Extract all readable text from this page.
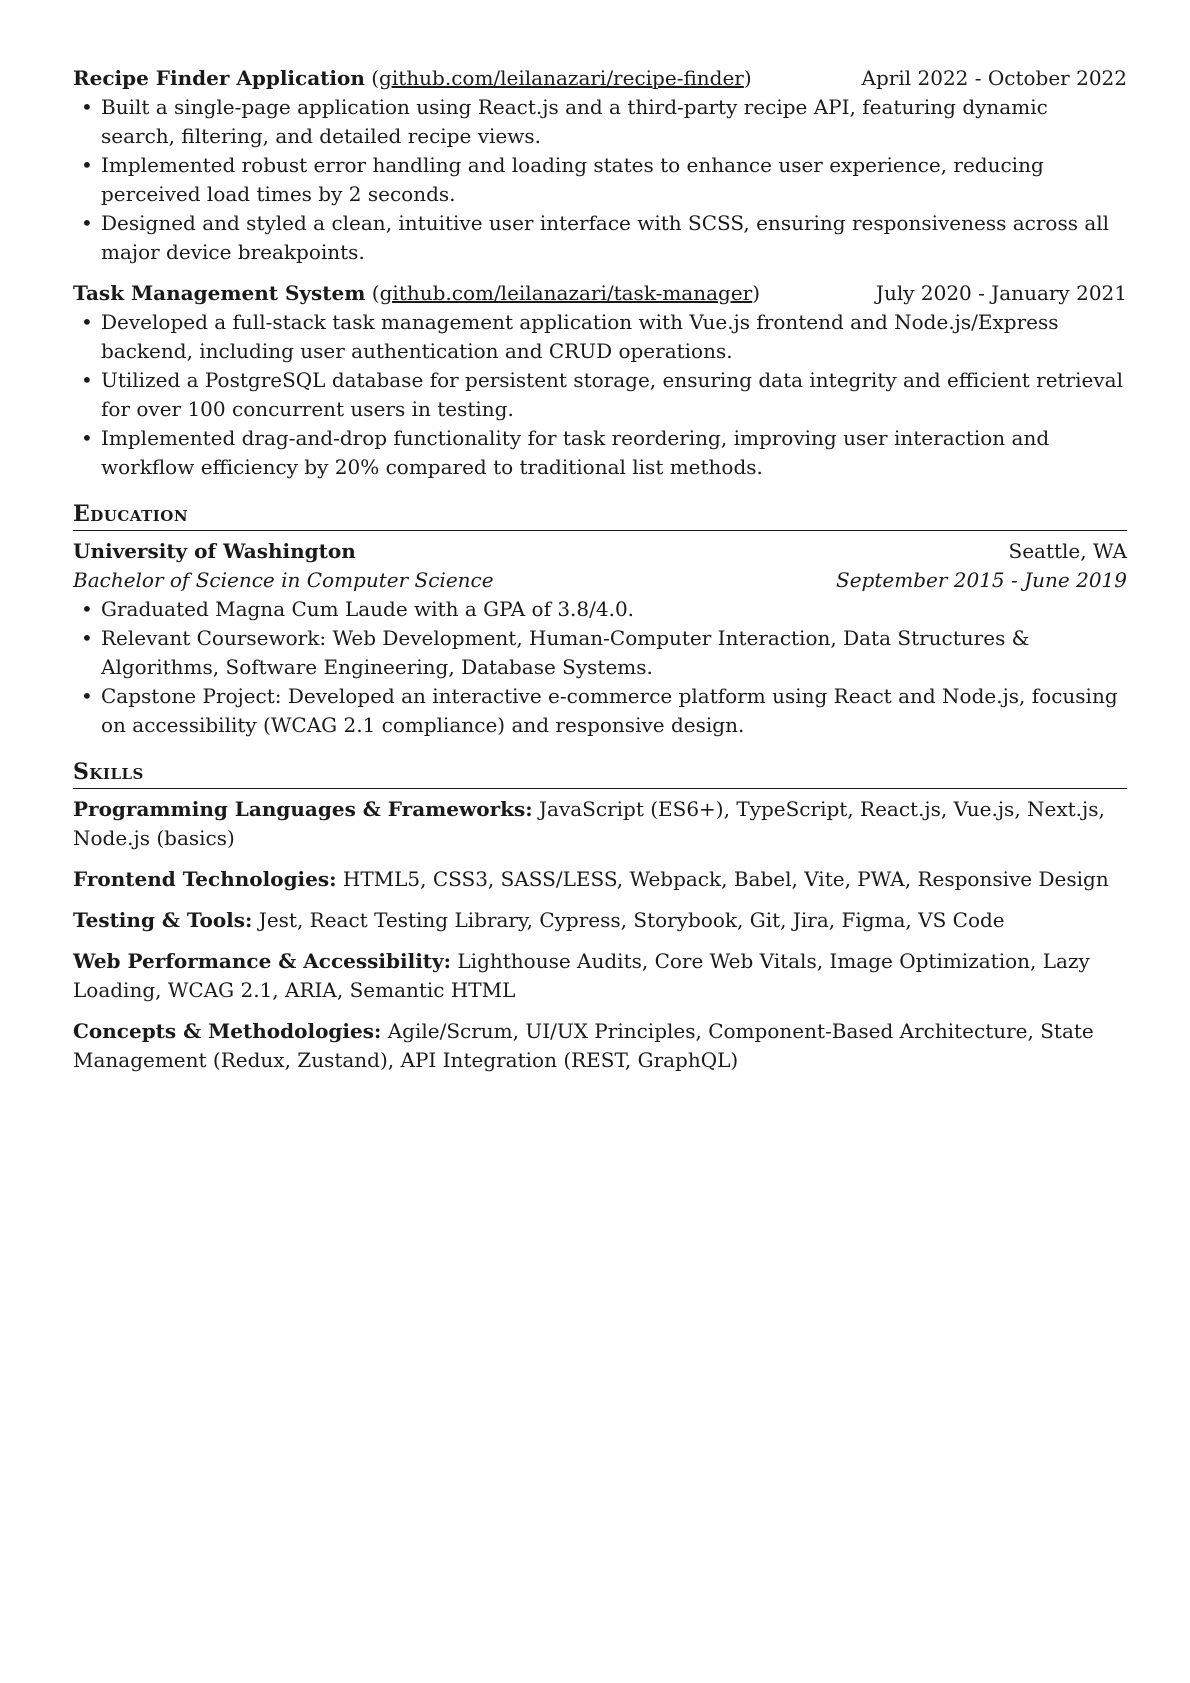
Recipe Finder Application (github.com/leilanazari/recipe-finder)	April 2022 - October 2022
• Built a single-page application using React.js and a third-party recipe API, featuring dynamic search, filtering, and detailed recipe views.
• Implemented robust error handling and loading states to enhance user experience, reducing perceived load times by 2 seconds.
• Designed and styled a clean, intuitive user interface with SCSS, ensuring responsiveness across all major device breakpoints.
Task Management System (github.com/leilanazari/task-manager)	July 2020 - January 2021
• Developed a full-stack task management application with Vue.js frontend and Node.js/Express backend, including user authentication and CRUD operations.
• Utilized a PostgreSQL database for persistent storage, ensuring data integrity and efficient retrieval for over 100 concurrent users in testing.
• Implemented drag-and-drop functionality for task reordering, improving user interaction and workflow efficiency by 20% compared to traditional list methods.
Education
University of Washington	Seattle, WA
Bachelor of Science in Computer Science	September 2015 - June 2019
• Graduated Magna Cum Laude with a GPA of 3.8/4.0.
• Relevant Coursework: Web Development, Human-Computer Interaction, Data Structures & Algorithms, Software Engineering, Database Systems.
• Capstone Project: Developed an interactive e-commerce platform using React and Node.js, focusing on accessibility (WCAG 2.1 compliance) and responsive design.
Skills
Programming Languages & Frameworks: JavaScript (ES6+), TypeScript, React.js, Vue.js, Next.js, Node.js (basics)
Frontend Technologies: HTML5, CSS3, SASS/LESS, Webpack, Babel, Vite, PWA, Responsive Design
Testing & Tools: Jest, React Testing Library, Cypress, Storybook, Git, Jira, Figma, VS Code
Web Performance & Accessibility: Lighthouse Audits, Core Web Vitals, Image Optimization, Lazy Loading, WCAG 2.1, ARIA, Semantic HTML
Concepts & Methodologies: Agile/Scrum, UI/UX Principles, Component-Based Architecture, State Management (Redux, Zustand), API Integration (REST, GraphQL)
